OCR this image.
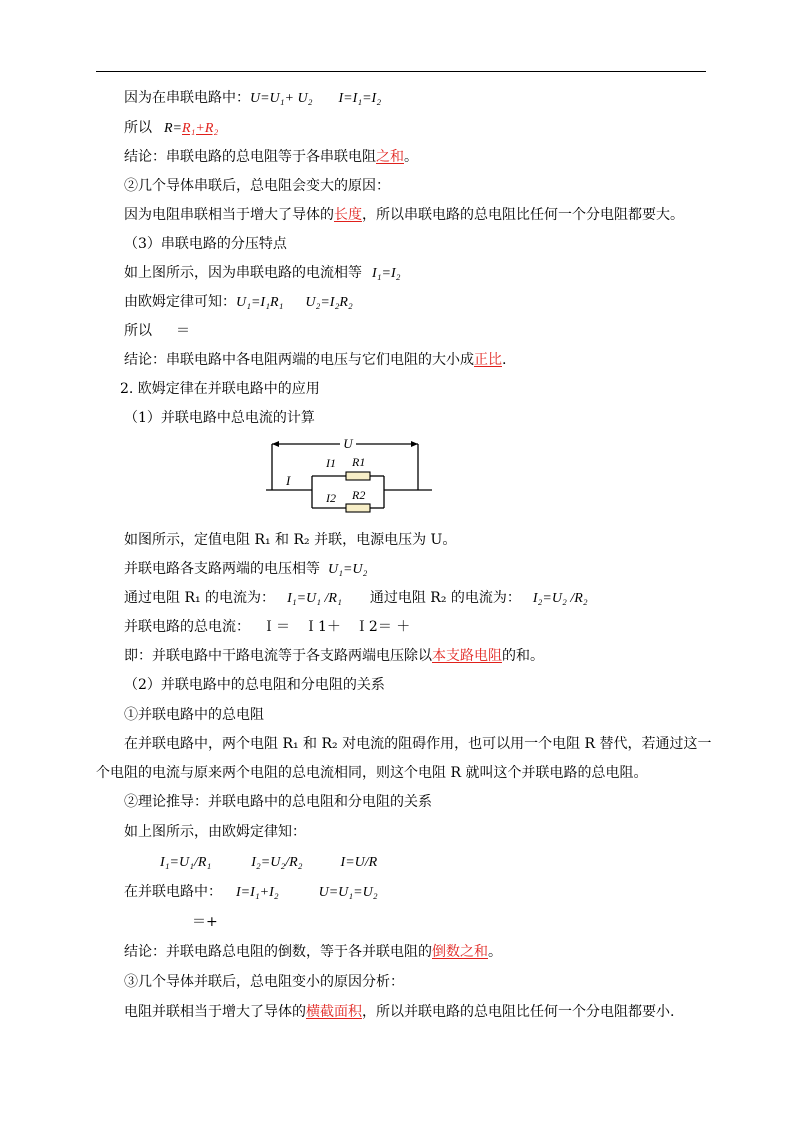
因为在串联电路中：U=U₁+ U₂ I=I₁=I₂
所以 R=R₁+R₂
结论：串联电路的总电阻等于各串联电阻之和。
②几个导体串联后，总电阻会变大的原因：
因为电阻串联相当于增大了导体的长度，所以串联电路的总电阻比任何一个分电阻都要大。
（3）串联电路的分压特点
如上图所示，因为串联电路的电流相等 I₁=I₂
由欧姆定律可知：U₁=I₁R₁ U₂=I₂R₂
所以 ＝
结论：串联电路中各电阻两端的电压与它们电阻的大小成正比.
2. 欧姆定律在并联电路中的应用
（1）并联电路中总电流的计算
U
I
I1 R1
I2 R2
如图所示，定值电阻 R₁ 和 R₂ 并联，电源电压为 U。
并联电路各支路两端的电压相等 U₁=U₂
通过电阻 R₁ 的电流为： I₁=U₁ /R₁ 通过电阻 R₂ 的电流为： I₂=U₂ /R₂
并联电路的总电流： Ｉ＝　Ｉ1＋　Ｉ2＝ ＋
即：并联电路中干路电流等于各支路两端电压除以本支路电阻的和。
（2）并联电路中的总电阻和分电阻的关系
①并联电路中的总电阻
在并联电路中，两个电阻 R₁ 和 R₂ 对电流的阻碍作用，也可以用一个电阻 R 替代，若通过这一
个电阻的电流与原来两个电阻的总电流相同，则这个电阻 R 就叫这个并联电路的总电阻。
②理论推导：并联电路中的总电阻和分电阻的关系
如上图所示，由欧姆定律知：
I₁=U₁/R₁	I₂=U₂/R₂	I=U/R
在并联电路中： I=I₁+I₂	U=U₁=U₂
＝+
结论：并联电路总电阻的倒数，等于各并联电阻的倒数之和。
③几个导体并联后，总电阻变小的原因分析：
电阻并联相当于增大了导体的横截面积，所以并联电路的总电阻比任何一个分电阻都要小.
